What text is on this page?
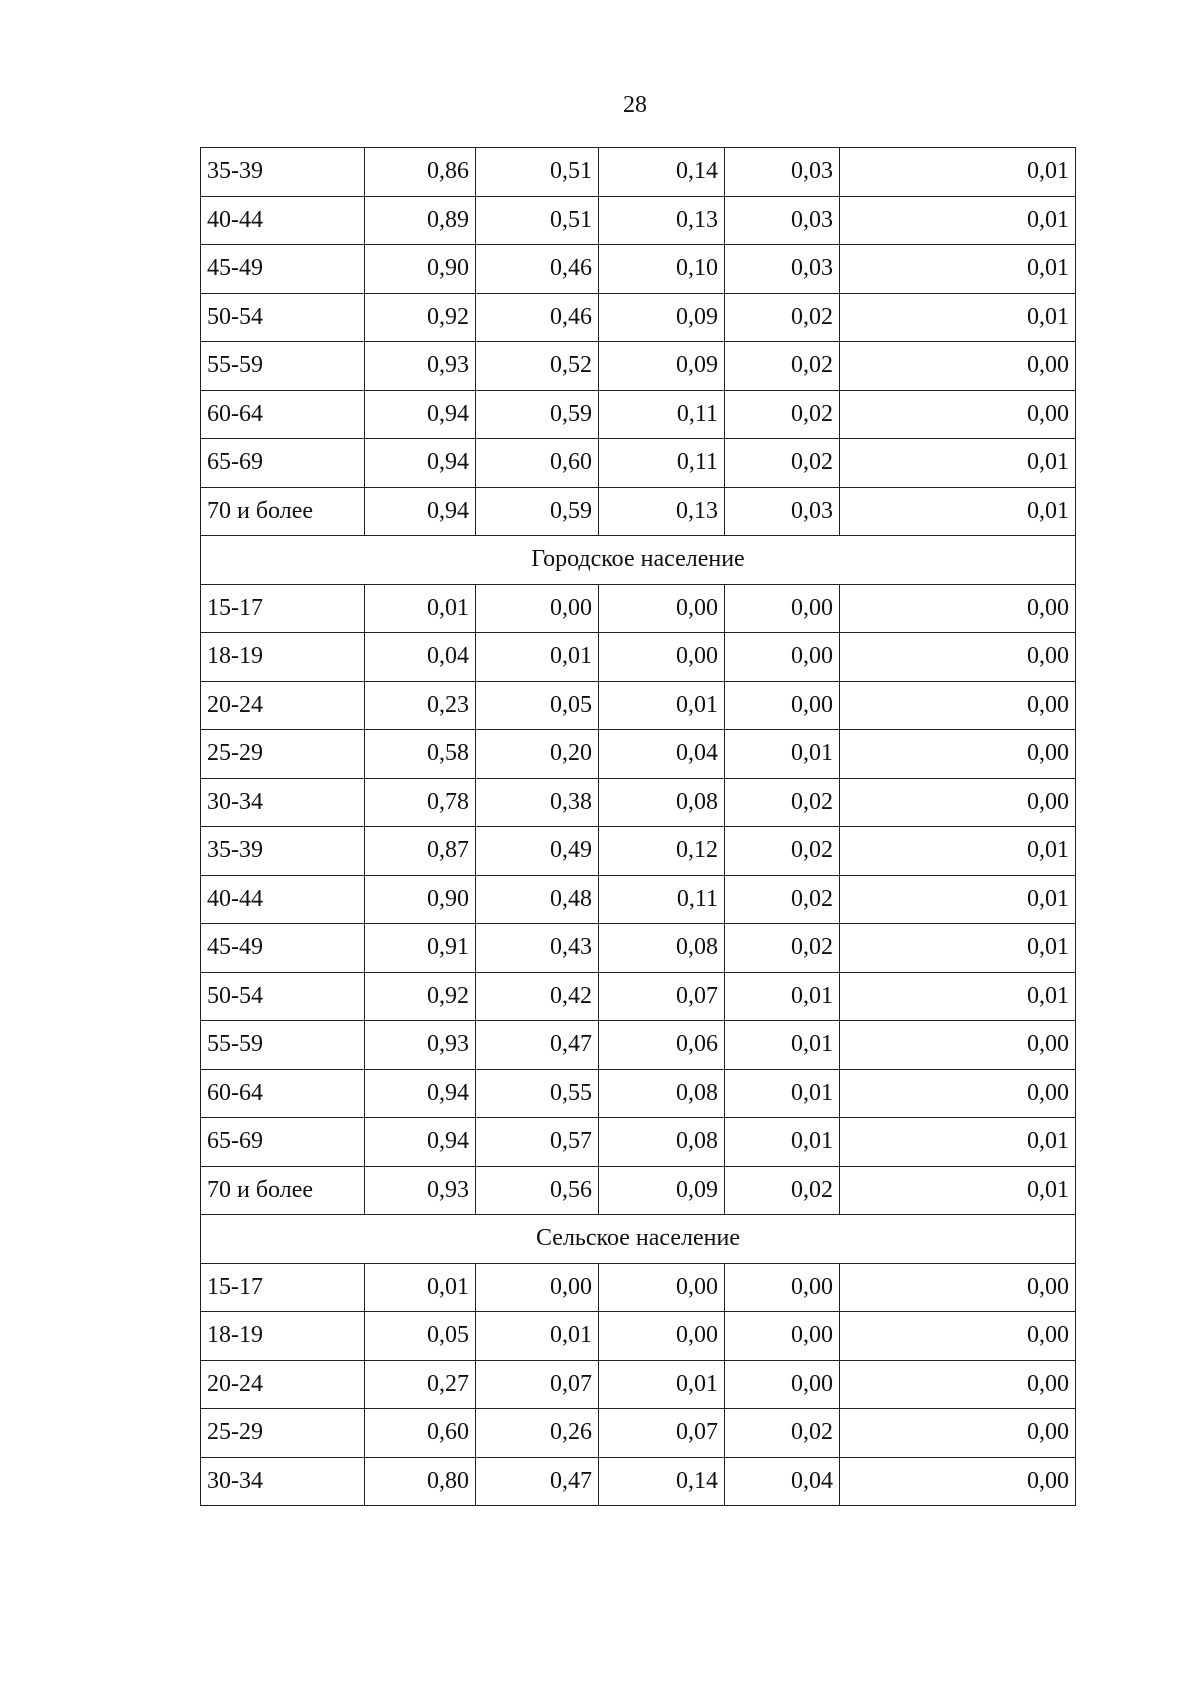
28
35-39	0,86	0,51	0,14	0,03	0,01
40-44	0,89	0,51	0,13	0,03	0,01
45-49	0,90	0,46	0,10	0,03	0,01
50-54	0,92	0,46	0,09	0,02	0,01
55-59	0,93	0,52	0,09	0,02	0,00
60-64	0,94	0,59	0,11	0,02	0,00
65-69	0,94	0,60	0,11	0,02	0,01
70 и более	0,94	0,59	0,13	0,03	0,01
Городское население					
15-17	0,01	0,00	0,00	0,00	0,00
18-19	0,04	0,01	0,00	0,00	0,00
20-24	0,23	0,05	0,01	0,00	0,00
25-29	0,58	0,20	0,04	0,01	0,00
30-34	0,78	0,38	0,08	0,02	0,00
35-39	0,87	0,49	0,12	0,02	0,01
40-44	0,90	0,48	0,11	0,02	0,01
45-49	0,91	0,43	0,08	0,02	0,01
50-54	0,92	0,42	0,07	0,01	0,01
55-59	0,93	0,47	0,06	0,01	0,00
60-64	0,94	0,55	0,08	0,01	0,00
65-69	0,94	0,57	0,08	0,01	0,01
70 и более	0,93	0,56	0,09	0,02	0,01
Сельское население					
15-17	0,01	0,00	0,00	0,00	0,00
18-19	0,05	0,01	0,00	0,00	0,00
20-24	0,27	0,07	0,01	0,00	0,00
25-29	0,60	0,26	0,07	0,02	0,00
30-34	0,80	0,47	0,14	0,04	0,00
